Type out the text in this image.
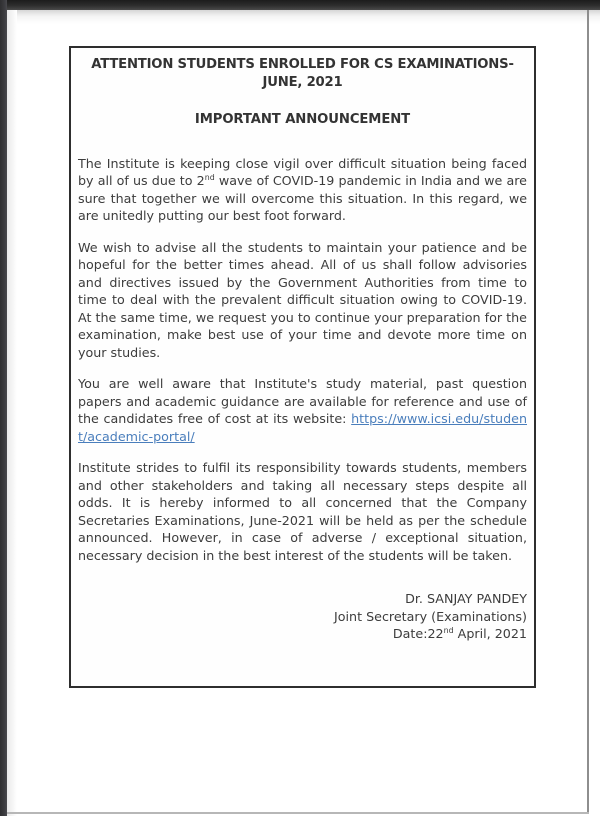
ATTENTION STUDENTS ENROLLED FOR CS EXAMINATIONS-
JUNE, 2021
IMPORTANT ANNOUNCEMENT

The Institute is keeping close vigil over difficult situation being faced by all of us due to 2nd wave of COVID-19 pandemic in India and we are sure that together we will overcome this situation. In this regard, we are unitedly putting our best foot forward.

We wish to advise all the students to maintain your patience and be hopeful for the better times ahead. All of us shall follow advisories and directives issued by the Government Authorities from time to time to deal with the prevalent difficult situation owing to COVID-19. At the same time, we request you to continue your preparation for the examination, make best use of your time and devote more time on your studies.

You are well aware that Institute's study material, past question papers and academic guidance are available for reference and use of the candidates free of cost at its website: https://www.icsi.edu/student/academic-portal/

Institute strides to fulfil its responsibility towards students, members and other stakeholders and taking all necessary steps despite all odds. It is hereby informed to all concerned that the Company Secretaries Examinations, June-2021 will be held as per the schedule announced. However, in case of adverse / exceptional situation, necessary decision in the best interest of the students will be taken.

Dr. SANJAY PANDEY
Joint Secretary (Examinations)
Date:22nd April, 2021
